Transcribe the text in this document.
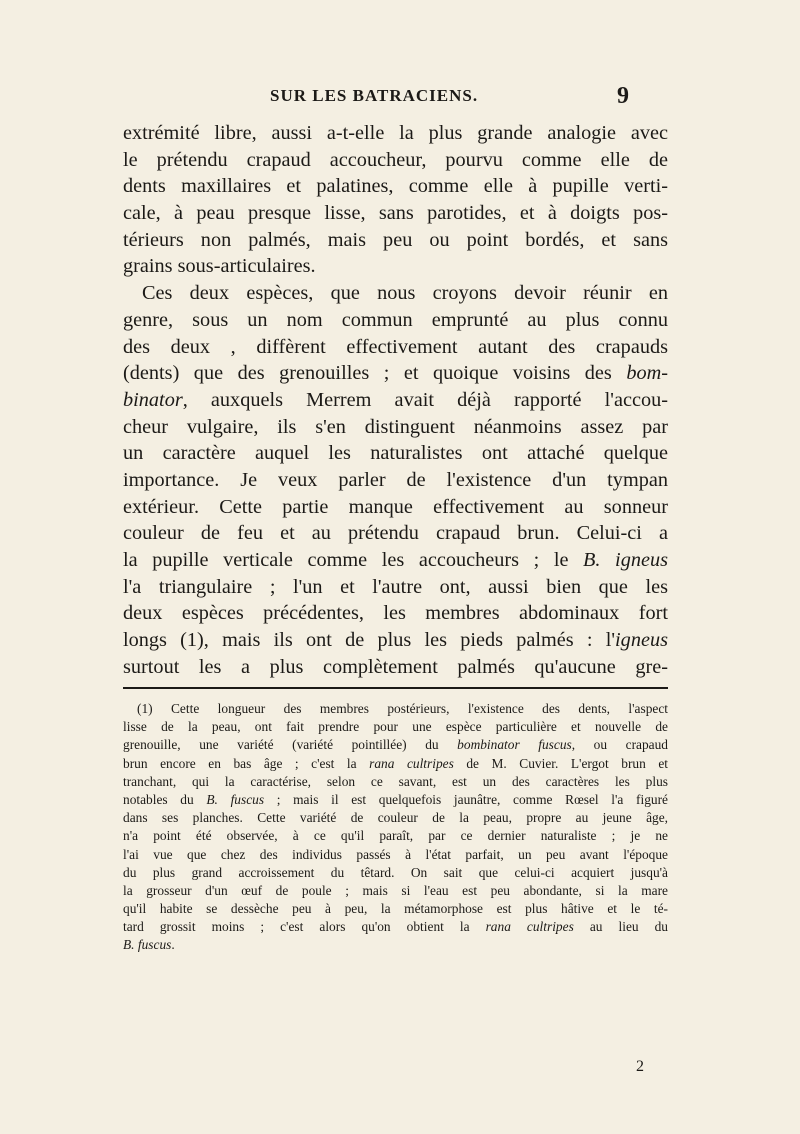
SUR LES BATRACIENS.	9
extrémité libre, aussi a-t-elle la plus grande analogie avec
le prétendu crapaud accoucheur, pourvu comme elle de
dents maxillaires et palatines, comme elle à pupille verti-
cale, à peau presque lisse, sans parotides, et à doigts pos-
térieurs non palmés, mais peu ou point bordés, et sans
grains sous-articulaires.
Ces deux espèces, que nous croyons devoir réunir en
genre, sous un nom commun emprunté au plus connu
des deux , diffèrent effectivement autant des crapauds
(dents) que des grenouilles ; et quoique voisins des bom-
binator, auxquels Merrem avait déjà rapporté l'accou-
cheur vulgaire, ils s'en distinguent néanmoins assez par
un caractère auquel les naturalistes ont attaché quelque
importance. Je veux parler de l'existence d'un tympan
extérieur. Cette partie manque effectivement au sonneur
couleur de feu et au prétendu crapaud brun. Celui-ci a
la pupille verticale comme les accoucheurs ; le B. igneus
l'a triangulaire ; l'un et l'autre ont, aussi bien que les
deux espèces précédentes, les membres abdominaux fort
longs (1), mais ils ont de plus les pieds palmés : l'igneus
surtout les a plus complètement palmés qu'aucune gre-
(1) Cette longueur des membres postérieurs, l'existence des dents, l'aspect
lisse de la peau, ont fait prendre pour une espèce particulière et nouvelle de
grenouille, une variété (variété pointillée) du bombinator fuscus, ou crapaud
brun encore en bas âge ; c'est la rana cultripes de M. Cuvier. L'ergot brun et
tranchant, qui la caractérise, selon ce savant, est un des caractères les plus
notables du B. fuscus ; mais il est quelquefois jaunâtre, comme Rœsel l'a figuré
dans ses planches. Cette variété de couleur de la peau, propre au jeune âge,
n'a point été observée, à ce qu'il paraît, par ce dernier naturaliste ; je ne
l'ai vue que chez des individus passés à l'état parfait, un peu avant l'époque
du plus grand accroissement du têtard. On sait que celui-ci acquiert jusqu'à
la grosseur d'un œuf de poule ; mais si l'eau est peu abondante, si la mare
qu'il habite se dessèche peu à peu, la métamorphose est plus hâtive et le té-
tard grossit moins ; c'est alors qu'on obtient la rana cultripes au lieu du
B. fuscus.
2
